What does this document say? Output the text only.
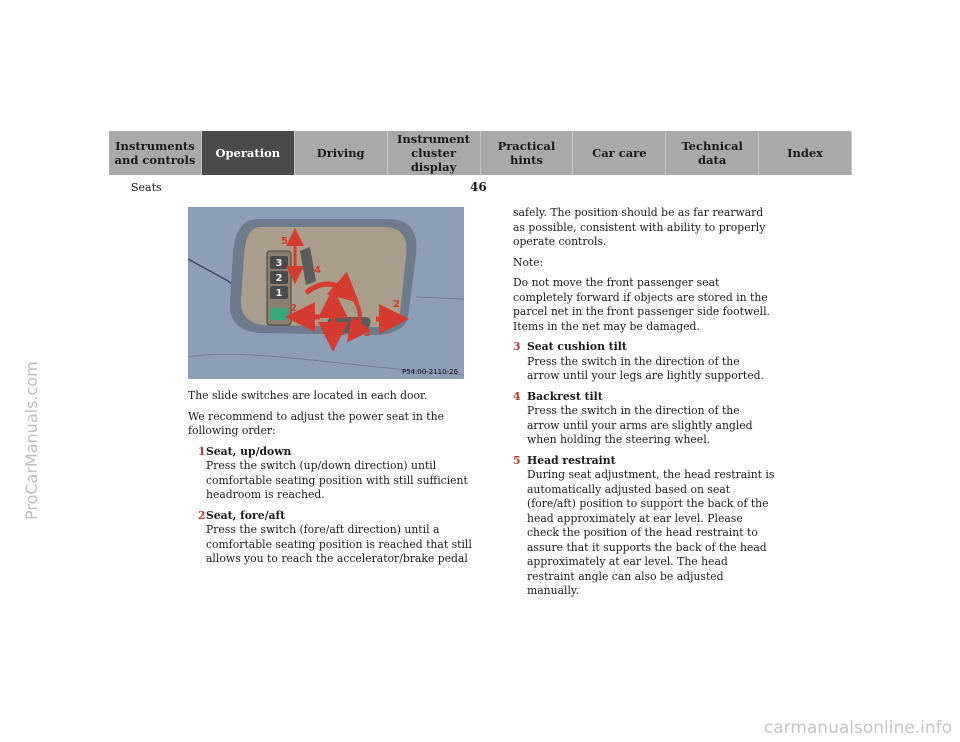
ProCarManuals.com
carmanualsonline.info
Instruments and controls	Operation	Driving
Instrument cluster display
Practical hints	Car care	Technical data	Index
Seats	46
3
2
1
5
4
2	2
1 3
P54.00-2110-26

The slide switches are located in each door.

We recommend to adjust the power seat in the following order:

1 Seat, up/down
Press the switch (up/down direction) until comfortable seating position with still sufficient headroom is reached.
2 Seat, fore/aft
Press the switch (fore/aft direction) until a comfortable seating position is reached that still allows you to reach the accelerator/brake pedal

safely. The position should be as far rearward as possible, consistent with ability to properly operate controls.

Note:

Do not move the front passenger seat completely forward if objects are stored in the parcel net in the front passenger side footwell. Items in the net may be damaged.

3 Seat cushion tilt
Press the switch in the direction of the arrow until your legs are lightly supported.
4 Backrest tilt
Press the switch in the direction of the arrow until your arms are slightly angled when holding the steering wheel.
5 Head restraint
During seat adjustment, the head restraint is automatically adjusted based on seat (fore/aft) position to support the back of the head approximately at ear level. Please check the position of the head restraint to assure that it supports the back of the head approximately at ear level. The head restraint angle can also be adjusted manually.
